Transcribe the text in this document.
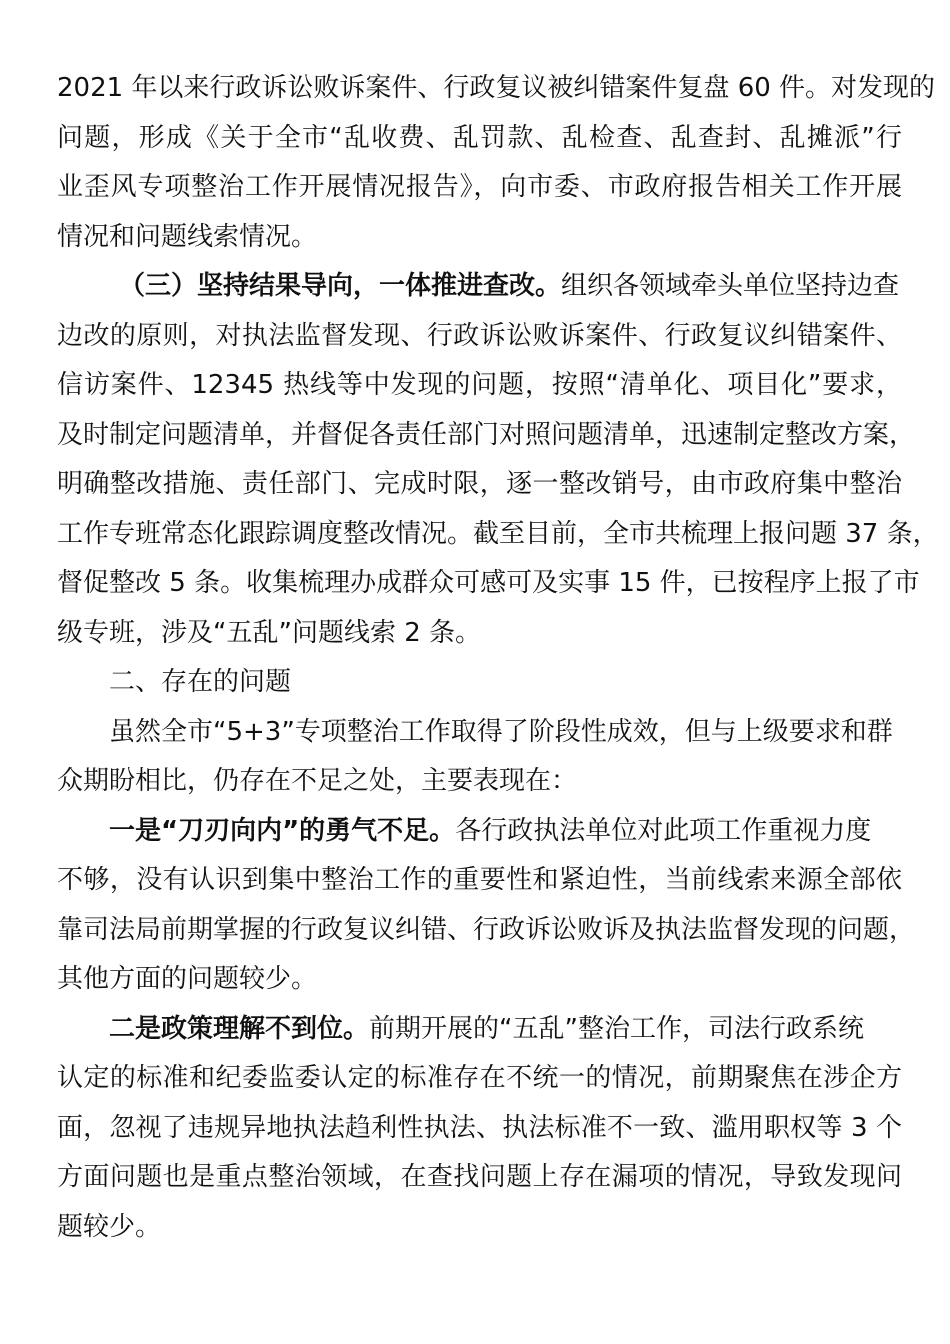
2021 年以来行政诉讼败诉案件、行政复议被纠错案件复盘 60 件。对发现的
问题，形成《关于全市“乱收费、乱罚款、乱检查、乱查封、乱摊派”行
业歪风专项整治工作开展情况报告》，向市委、市政府报告相关工作开展
情况和问题线索情况。
（三）坚持结果导向，一体推进查改。组织各领域牵头单位坚持边查
边改的原则，对执法监督发现、行政诉讼败诉案件、行政复议纠错案件、
信访案件、12345 热线等中发现的问题，按照“清单化、项目化”要求，
及时制定问题清单，并督促各责任部门对照问题清单，迅速制定整改方案，
明确整改措施、责任部门、完成时限，逐一整改销号，由市政府集中整治
工作专班常态化跟踪调度整改情况。截至目前，全市共梳理上报问题 37 条，
督促整改 5 条。收集梳理办成群众可感可及实事 15 件，已按程序上报了市
级专班，涉及“五乱”问题线索 2 条。
二、存在的问题
虽然全市“5+3”专项整治工作取得了阶段性成效，但与上级要求和群
众期盼相比，仍存在不足之处，主要表现在：
一是“刀刃向内”的勇气不足。各行政执法单位对此项工作重视力度
不够，没有认识到集中整治工作的重要性和紧迫性，当前线索来源全部依
靠司法局前期掌握的行政复议纠错、行政诉讼败诉及执法监督发现的问题，
其他方面的问题较少。
二是政策理解不到位。前期开展的“五乱”整治工作，司法行政系统
认定的标准和纪委监委认定的标准存在不统一的情况，前期聚焦在涉企方
面，忽视了违规异地执法趋利性执法、执法标准不一致、滥用职权等 3 个
方面问题也是重点整治领域，在查找问题上存在漏项的情况，导致发现问
题较少。
